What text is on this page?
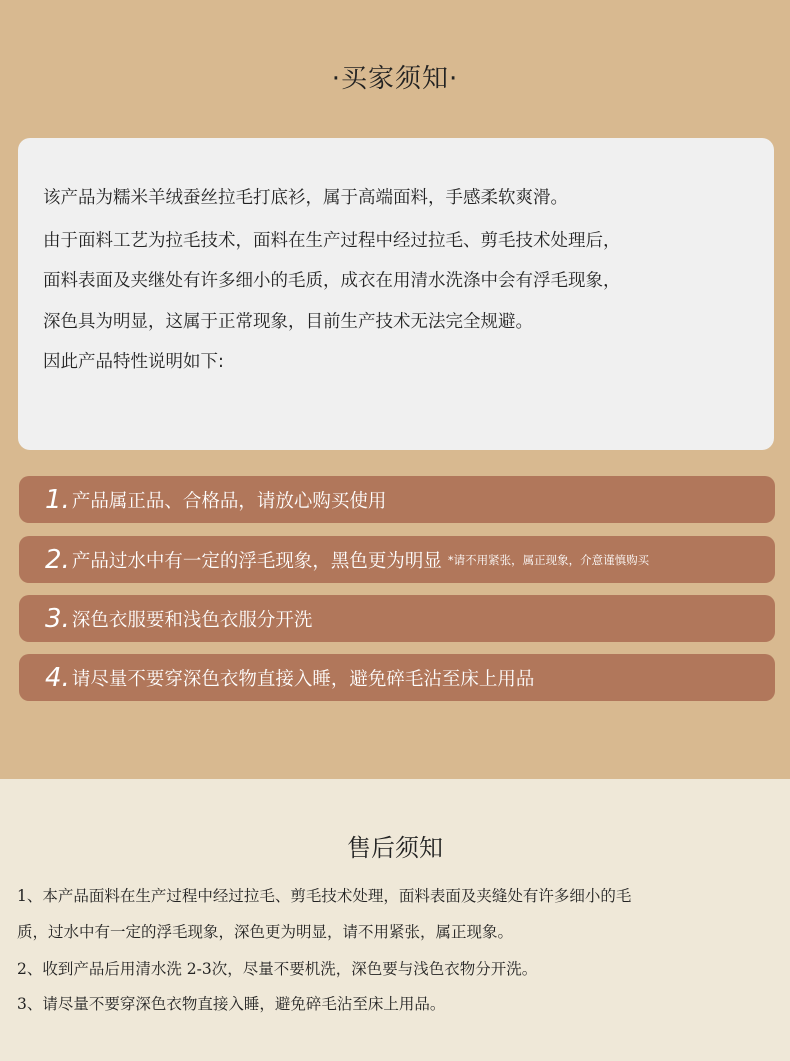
·买家须知·

该产品为糯米羊绒蚕丝拉毛打底衫，属于高端面料，手感柔软爽滑。

由于面料工艺为拉毛技术，面料在生产过程中经过拉毛、剪毛技术处理后，

面料表面及夹继处有许多细小的毛质，成衣在用清水洗涤中会有浮毛现象，

深色具为明显，这属于正常现象，目前生产技术无法完全规避。

因此产品特性说明如下:

1. 产品属正品、合格品，请放心购买使用
2. 产品过水中有一定的浮毛现象，黑色更为明显 *请不用紧张，属正现象，介意谨慎购买
3. 深色衣服要和浅色衣服分开洗
4. 请尽量不要穿深色衣物直接入睡，避免碎毛沾至床上用品
售后须知
1、本产品面料在生产过程中经过拉毛、剪毛技术处理，面料表面及夹缝处有许多细小的毛
质，过水中有一定的浮毛现象，深色更为明显，请不用紧张，属正现象。
2、收到产品后用清水洗 2-3次，尽量不要机洗，深色要与浅色衣物分开洗。
3、请尽量不要穿深色衣物直接入睡，避免碎毛沾至床上用品。
